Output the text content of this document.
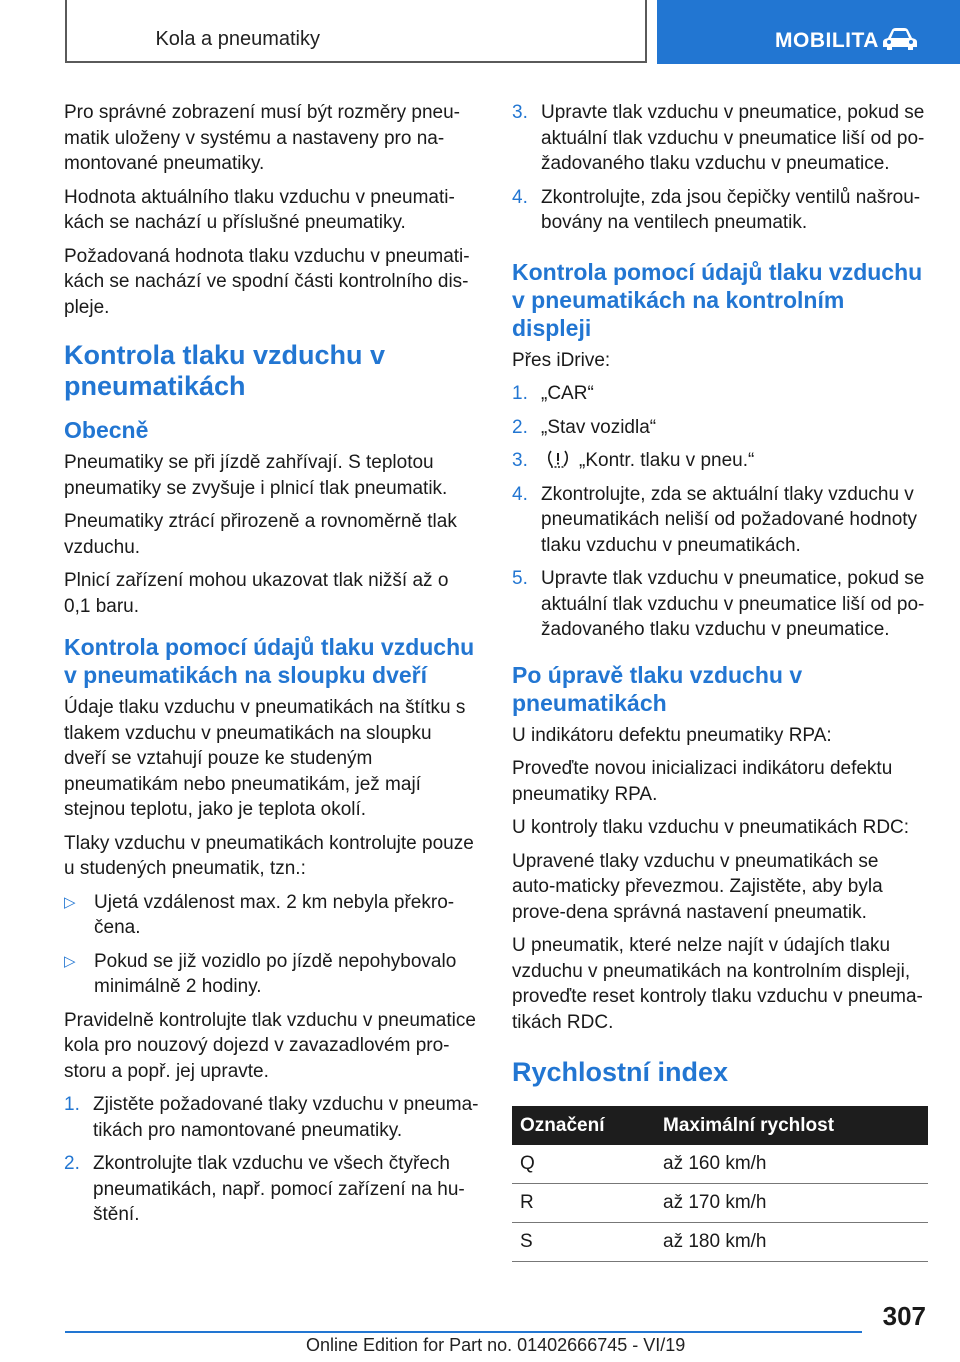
Kola a pneumatiky	MOBILITA

Pro správné zobrazení musí být rozměry pneu-matik uloženy v systému a nastaveny pro na-montované pneumatiky.

Hodnota aktuálního tlaku vzduchu v pneumati-kách se nachází u příslušné pneumatiky.

Požadovaná hodnota tlaku vzduchu v pneumati-kách se nachází ve spodní části kontrolního dis-pleje.

Kontrola tlaku vzduchu v pneumatikách
Obecně

Pneumatiky se při jízdě zahřívají. S teplotou pneumatiky se zvyšuje i plnicí tlak pneumatik.

Pneumatiky ztrácí přirozeně a rovnoměrně tlak vzduchu.

Plnicí zařízení mohou ukazovat tlak nižší až o 0,1 baru.

Kontrola pomocí údajů tlaku vzduchu v pneumatikách na sloupku dveří

Údaje tlaku vzduchu v pneumatikách na štítku s tlakem vzduchu v pneumatikách na sloupku dveří se vztahují pouze ke studeným pneumatikám nebo pneumatikám, jež mají stejnou teplotu, jako je teplota okolí.

Tlaky vzduchu v pneumatikách kontrolujte pouze u studených pneumatik, tzn.:

▷ Ujetá vzdálenost max. 2 km nebyla překro-čena.
▷ Pokud se již vozidlo po jízdě nepohybovalo minimálně 2 hodiny.

Pravidelně kontrolujte tlak vzduchu v pneumatice kola pro nouzový dojezd v zavazadlovém pro-storu a popř. jej upravte.

1. Zjistěte požadované tlaky vzduchu v pneuma-tikách pro namontované pneumatiky.
2. Zkontrolujte tlak vzduchu ve všech čtyřech pneumatikách, např. pomocí zařízení na hu-štění.
3. Upravte tlak vzduchu v pneumatice, pokud se aktuální tlak vzduchu v pneumatice liší od po-žadovaného tlaku vzduchu v pneumatice.
4. Zkontrolujte, zda jsou čepičky ventilů našrou-bovány na ventilech pneumatik.
Kontrola pomocí údajů tlaku vzduchu v pneumatikách na kontrolním displeji

Přes iDrive:

1. „CAR“
2. „Stav vozidla“
3.	„Kontr. tlaku v pneu.“
4. Zkontrolujte, zda se aktuální tlaky vzduchu v pneumatikách neliší od požadované hodnoty tlaku vzduchu v pneumatikách.
5. Upravte tlak vzduchu v pneumatice, pokud se aktuální tlak vzduchu v pneumatice liší od po-žadovaného tlaku vzduchu v pneumatice.
Po úpravě tlaku vzduchu v pneumatikách

U indikátoru defektu pneumatiky RPA:

Proveďte novou inicializaci indikátoru defektu pneumatiky RPA.

U kontroly tlaku vzduchu v pneumatikách RDC:

Upravené tlaky vzduchu v pneumatikách se auto-maticky převezmou. Zajistěte, aby byla prove-dena správná nastavení pneumatik.

U pneumatik, které nelze najít v údajích tlaku vzduchu v pneumatikách na kontrolním displeji, proveďte reset kontroly tlaku vzduchu v pneuma-tikách RDC.

Rychlostní index
Označení	Maximální rychlost
Q	až 160 km/h
R	až 170 km/h
S	až 180 km/h
307
Online Edition for Part no. 01402666745 - VI/19
